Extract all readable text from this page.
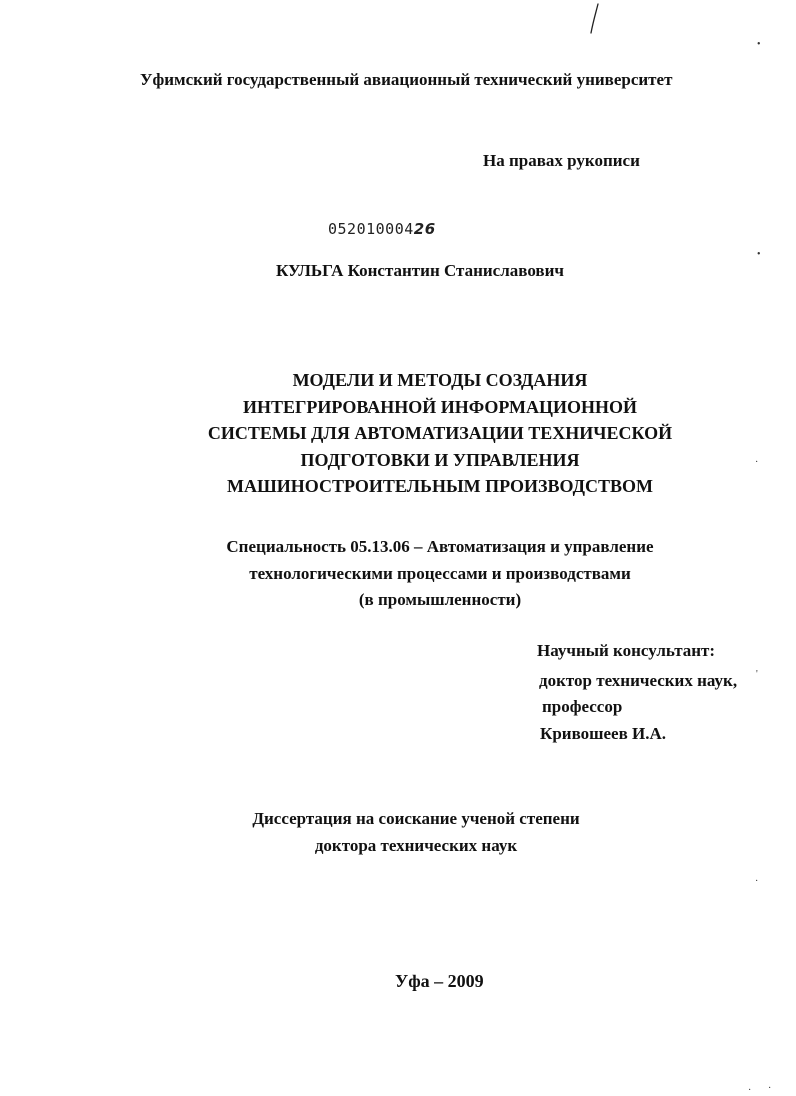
Уфимский государственный авиационный технический университет
На правах рукописи
05201000426
КУЛЬГА Константин Станиславович
МОДЕЛИ И МЕТОДЫ СОЗДАНИЯ
ИНТЕГРИРОВАННОЙ ИНФОРМАЦИОННОЙ
СИСТЕМЫ ДЛЯ АВТОМАТИЗАЦИИ ТЕХНИЧЕСКОЙ
ПОДГОТОВКИ И УПРАВЛЕНИЯ
МАШИНОСТРОИТЕЛЬНЫМ ПРОИЗВОДСТВОМ
Специальность 05.13.06 – Автоматизация и управление
технологическими процессами и производствами
(в промышленности)
Научный консультант:
доктор технических наук,
профессор
Кривошеев И.А.
Диссертация на соискание ученой степени
доктора технических наук
Уфа – 2009
•
•
·
'
·
· ·
